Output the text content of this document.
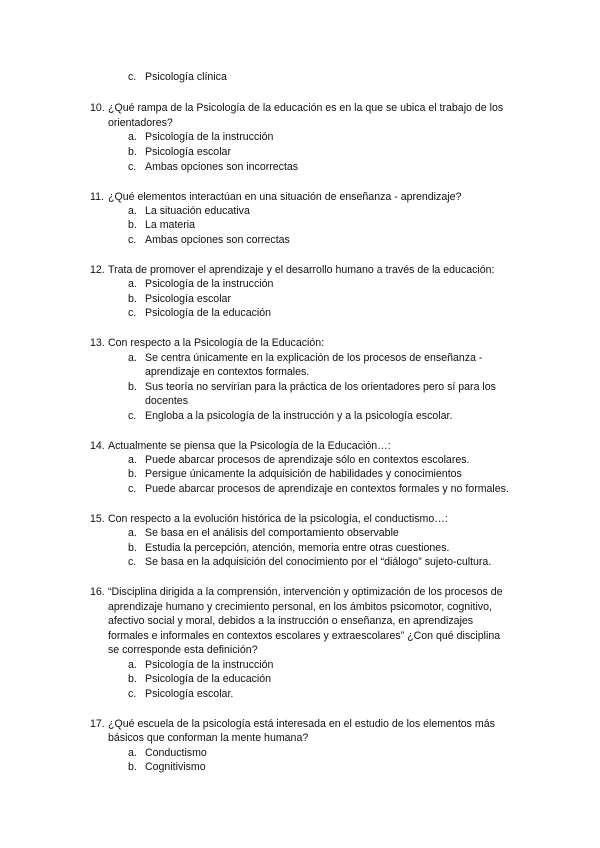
c. Psicología clínica
10. ¿Qué rampa de la Psicología de la educación es en la que se ubica el trabajo de los
orientadores?
a. Psicología de la instrucción
b. Psicología escolar
c. Ambas opciones son incorrectas
11. ¿Qué elementos interactúan en una situación de enseñanza - aprendizaje?
a. La situación educativa
b. La materia
c. Ambas opciones son correctas
12. Trata de promover el aprendizaje y el desarrollo humano a través de la educación:
a. Psicología de la instrucción
b. Psicología escolar
c. Psicología de la educación
13. Con respecto a la Psicología de la Educación:
a. Se centra únicamente en la explicación de los procesos de enseñanza -
aprendizaje en contextos formales.
b. Sus teoría no servirían para la práctica de los orientadores pero sí para los
docentes
c. Engloba a la psicología de la instrucción y a la psicología escolar.
14. Actualmente se piensa que la Psicología de la Educación…:
a. Puede abarcar procesos de aprendizaje sólo en contextos escolares.
b. Persigue únicamente la adquisición de habilidades y conocimientos
c. Puede abarcar procesos de aprendizaje en contextos formales y no formales.
15. Con respecto a la evolución histórica de la psicología, el conductismo…:
a. Se basa en el análisis del comportamiento observable
b. Estudia la percepción, atención, memoria entre otras cuestiones.
c. Se basa en la adquisición del conocimiento por el “diálogo” sujeto-cultura.
16. “Disciplina dirigida a la comprensión, intervención y optimización de los procesos de
aprendizaje humano y crecimiento personal, en los ámbitos psicomotor, cognitivo,
afectivo social y moral, debidos a la instrucción o enseñanza, en aprendizajes
formales e informales en contextos escolares y extraescolares” ¿Con qué disciplina
se corresponde esta definición?
a. Psicología de la instrucción
b. Psicología de la educación
c. Psicología escolar.
17. ¿Qué escuela de la psicología está interesada en el estudio de los elementos más
básicos que conforman la mente humana?
a. Conductismo
b. Cognitivismo
